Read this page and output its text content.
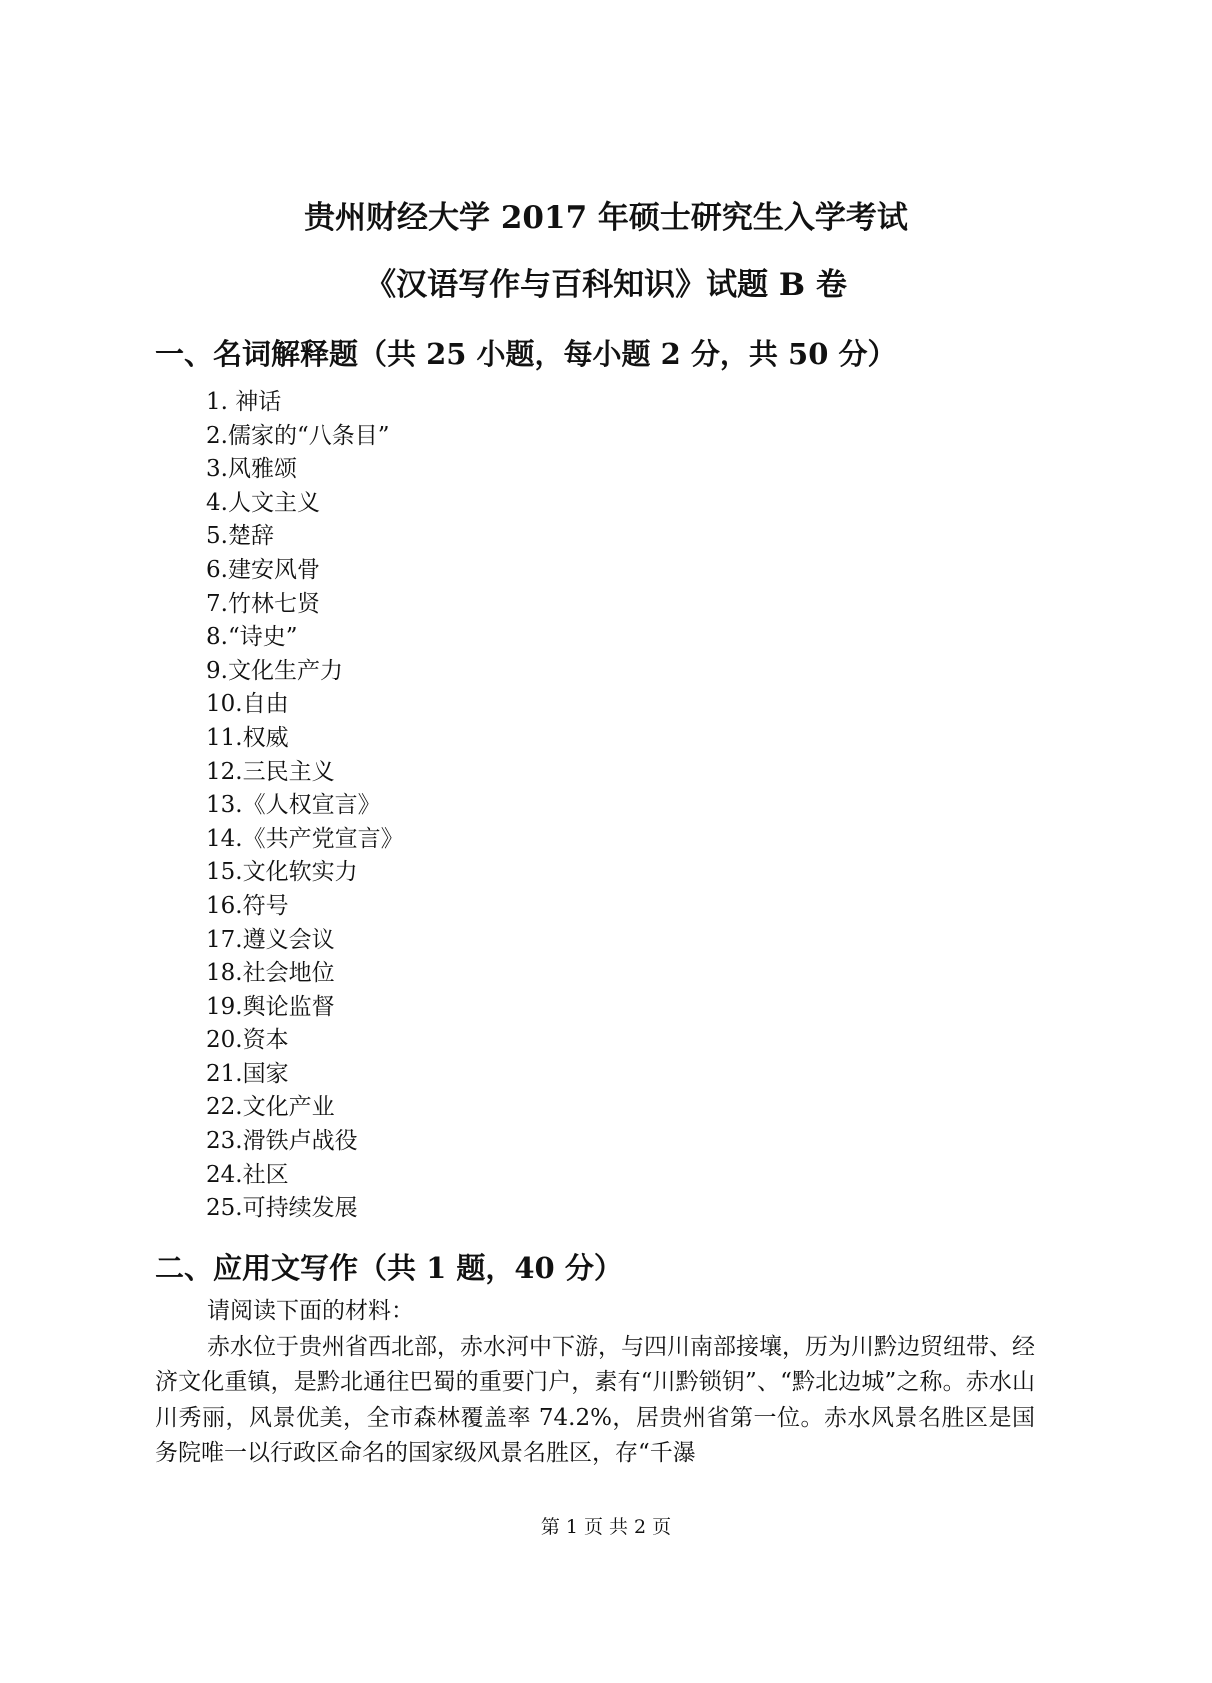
贵州财经大学 2017 年硕士研究生入学考试
《汉语写作与百科知识》试题 B 卷
一、名词解释题（共 25 小题，每小题 2 分，共 50 分）
1. 神话
2.儒家的“八条目”
3.风雅颂
4.人文主义
5.楚辞
6.建安风骨
7.竹林七贤
8.“诗史”
9.文化生产力
10.自由
11.权威
12.三民主义
13.《人权宣言》
14.《共产党宣言》
15.文化软实力
16.符号
17.遵义会议
18.社会地位
19.舆论监督
20.资本
21.国家
22.文化产业
23.滑铁卢战役
24.社区
25.可持续发展
二、应用文写作（共 1 题，40 分）

请阅读下面的材料：

赤水位于贵州省西北部，赤水河中下游，与四川南部接壤，历为川黔边贸纽带、经济文化重镇，是黔北通往巴蜀的重要门户，素有“川黔锁钥”、“黔北边城”之称。赤水山川秀丽，风景优美，全市森林覆盖率 74.2%，居贵州省第一位。赤水风景名胜区是国务院唯一以行政区命名的国家级风景名胜区，存“千瀑

第 1 页 共 2 页
